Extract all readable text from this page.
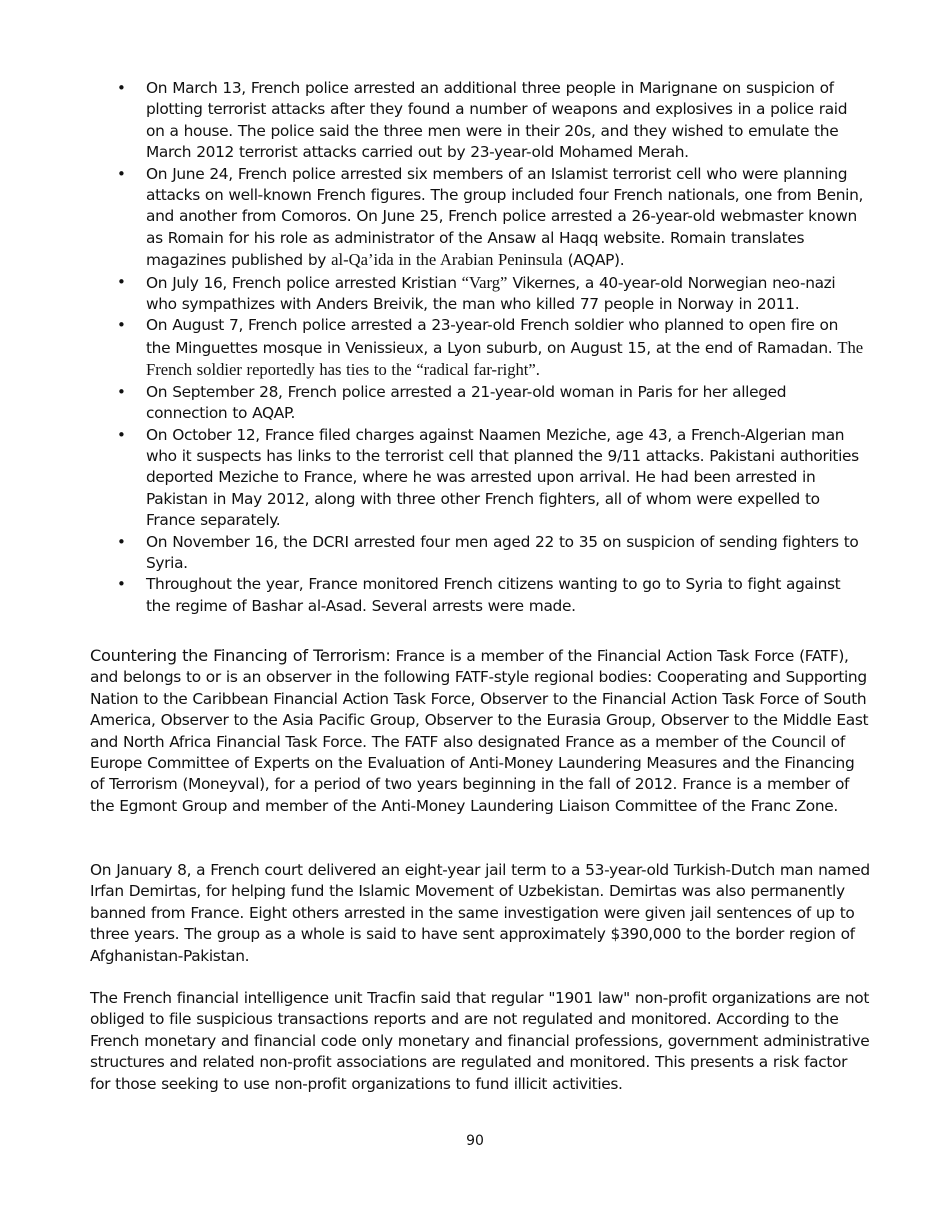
• On March 13, French police arrested an additional three people in Marignane on suspicion of plotting terrorist attacks after they found a number of weapons and explosives in a police raid on a house. The police said the three men were in their 20s, and they wished to emulate the March 2012 terrorist attacks carried out by 23-year-old Mohamed Merah.
• On June 24, French police arrested six members of an Islamist terrorist cell who were planning attacks on well-known French figures. The group included four French nationals, one from Benin, and another from Comoros. On June 25, French police arrested a 26-year-old webmaster known as Romain for his role as administrator of the Ansaw al Haqq website. Romain translates magazines published by al-Qa’ida in the Arabian Peninsula (AQAP).
• On July 16, French police arrested Kristian “Varg” Vikernes, a 40-year-old Norwegian neo-nazi who sympathizes with Anders Breivik, the man who killed 77 people in Norway in 2011.
• On August 7, French police arrested a 23-year-old French soldier who planned to open fire on the Minguettes mosque in Venissieux, a Lyon suburb, on August 15, at the end of Ramadan. The French soldier reportedly has ties to the “radical far-right”.
• On September 28, French police arrested a 21-year-old woman in Paris for her alleged connection to AQAP.
• On October 12, France filed charges against Naamen Meziche, age 43, a French-Algerian man who it suspects has links to the terrorist cell that planned the 9/11 attacks. Pakistani authorities deported Meziche to France, where he was arrested upon arrival. He had been arrested in Pakistan in May 2012, along with three other French fighters, all of whom were expelled to France separately.
• On November 16, the DCRI arrested four men aged 22 to 35 on suspicion of sending fighters to Syria.
• Throughout the year, France monitored French citizens wanting to go to Syria to fight against the regime of Bashar al-Asad. Several arrests were made.

Countering the Financing of Terrorism: France is a member of the Financial Action Task Force (FATF), and belongs to or is an observer in the following FATF-style regional bodies: Cooperating and Supporting Nation to the Caribbean Financial Action Task Force, Observer to the Financial Action Task Force of South America, Observer to the Asia Pacific Group, Observer to the Eurasia Group, Observer to the Middle East and North Africa Financial Task Force. The FATF also designated France as a member of the Council of Europe Committee of Experts on the Evaluation of Anti-Money Laundering Measures and the Financing of Terrorism (Moneyval), for a period of two years beginning in the fall of 2012. France is a member of the Egmont Group and member of the Anti-Money Laundering Liaison Committee of the Franc Zone.

On January 8, a French court delivered an eight-year jail term to a 53-year-old Turkish-Dutch man named Irfan Demirtas, for helping fund the Islamic Movement of Uzbekistan. Demirtas was also permanently banned from France. Eight others arrested in the same investigation were given jail sentences of up to three years. The group as a whole is said to have sent approximately $390,000 to the border region of Afghanistan-Pakistan.

The French financial intelligence unit Tracfin said that regular "1901 law" non-profit organizations are not obliged to file suspicious transactions reports and are not regulated and monitored. According to the French monetary and financial code only monetary and financial professions, government administrative structures and related non-profit associations are regulated and monitored. This presents a risk factor for those seeking to use non-profit organizations to fund illicit activities.

90
